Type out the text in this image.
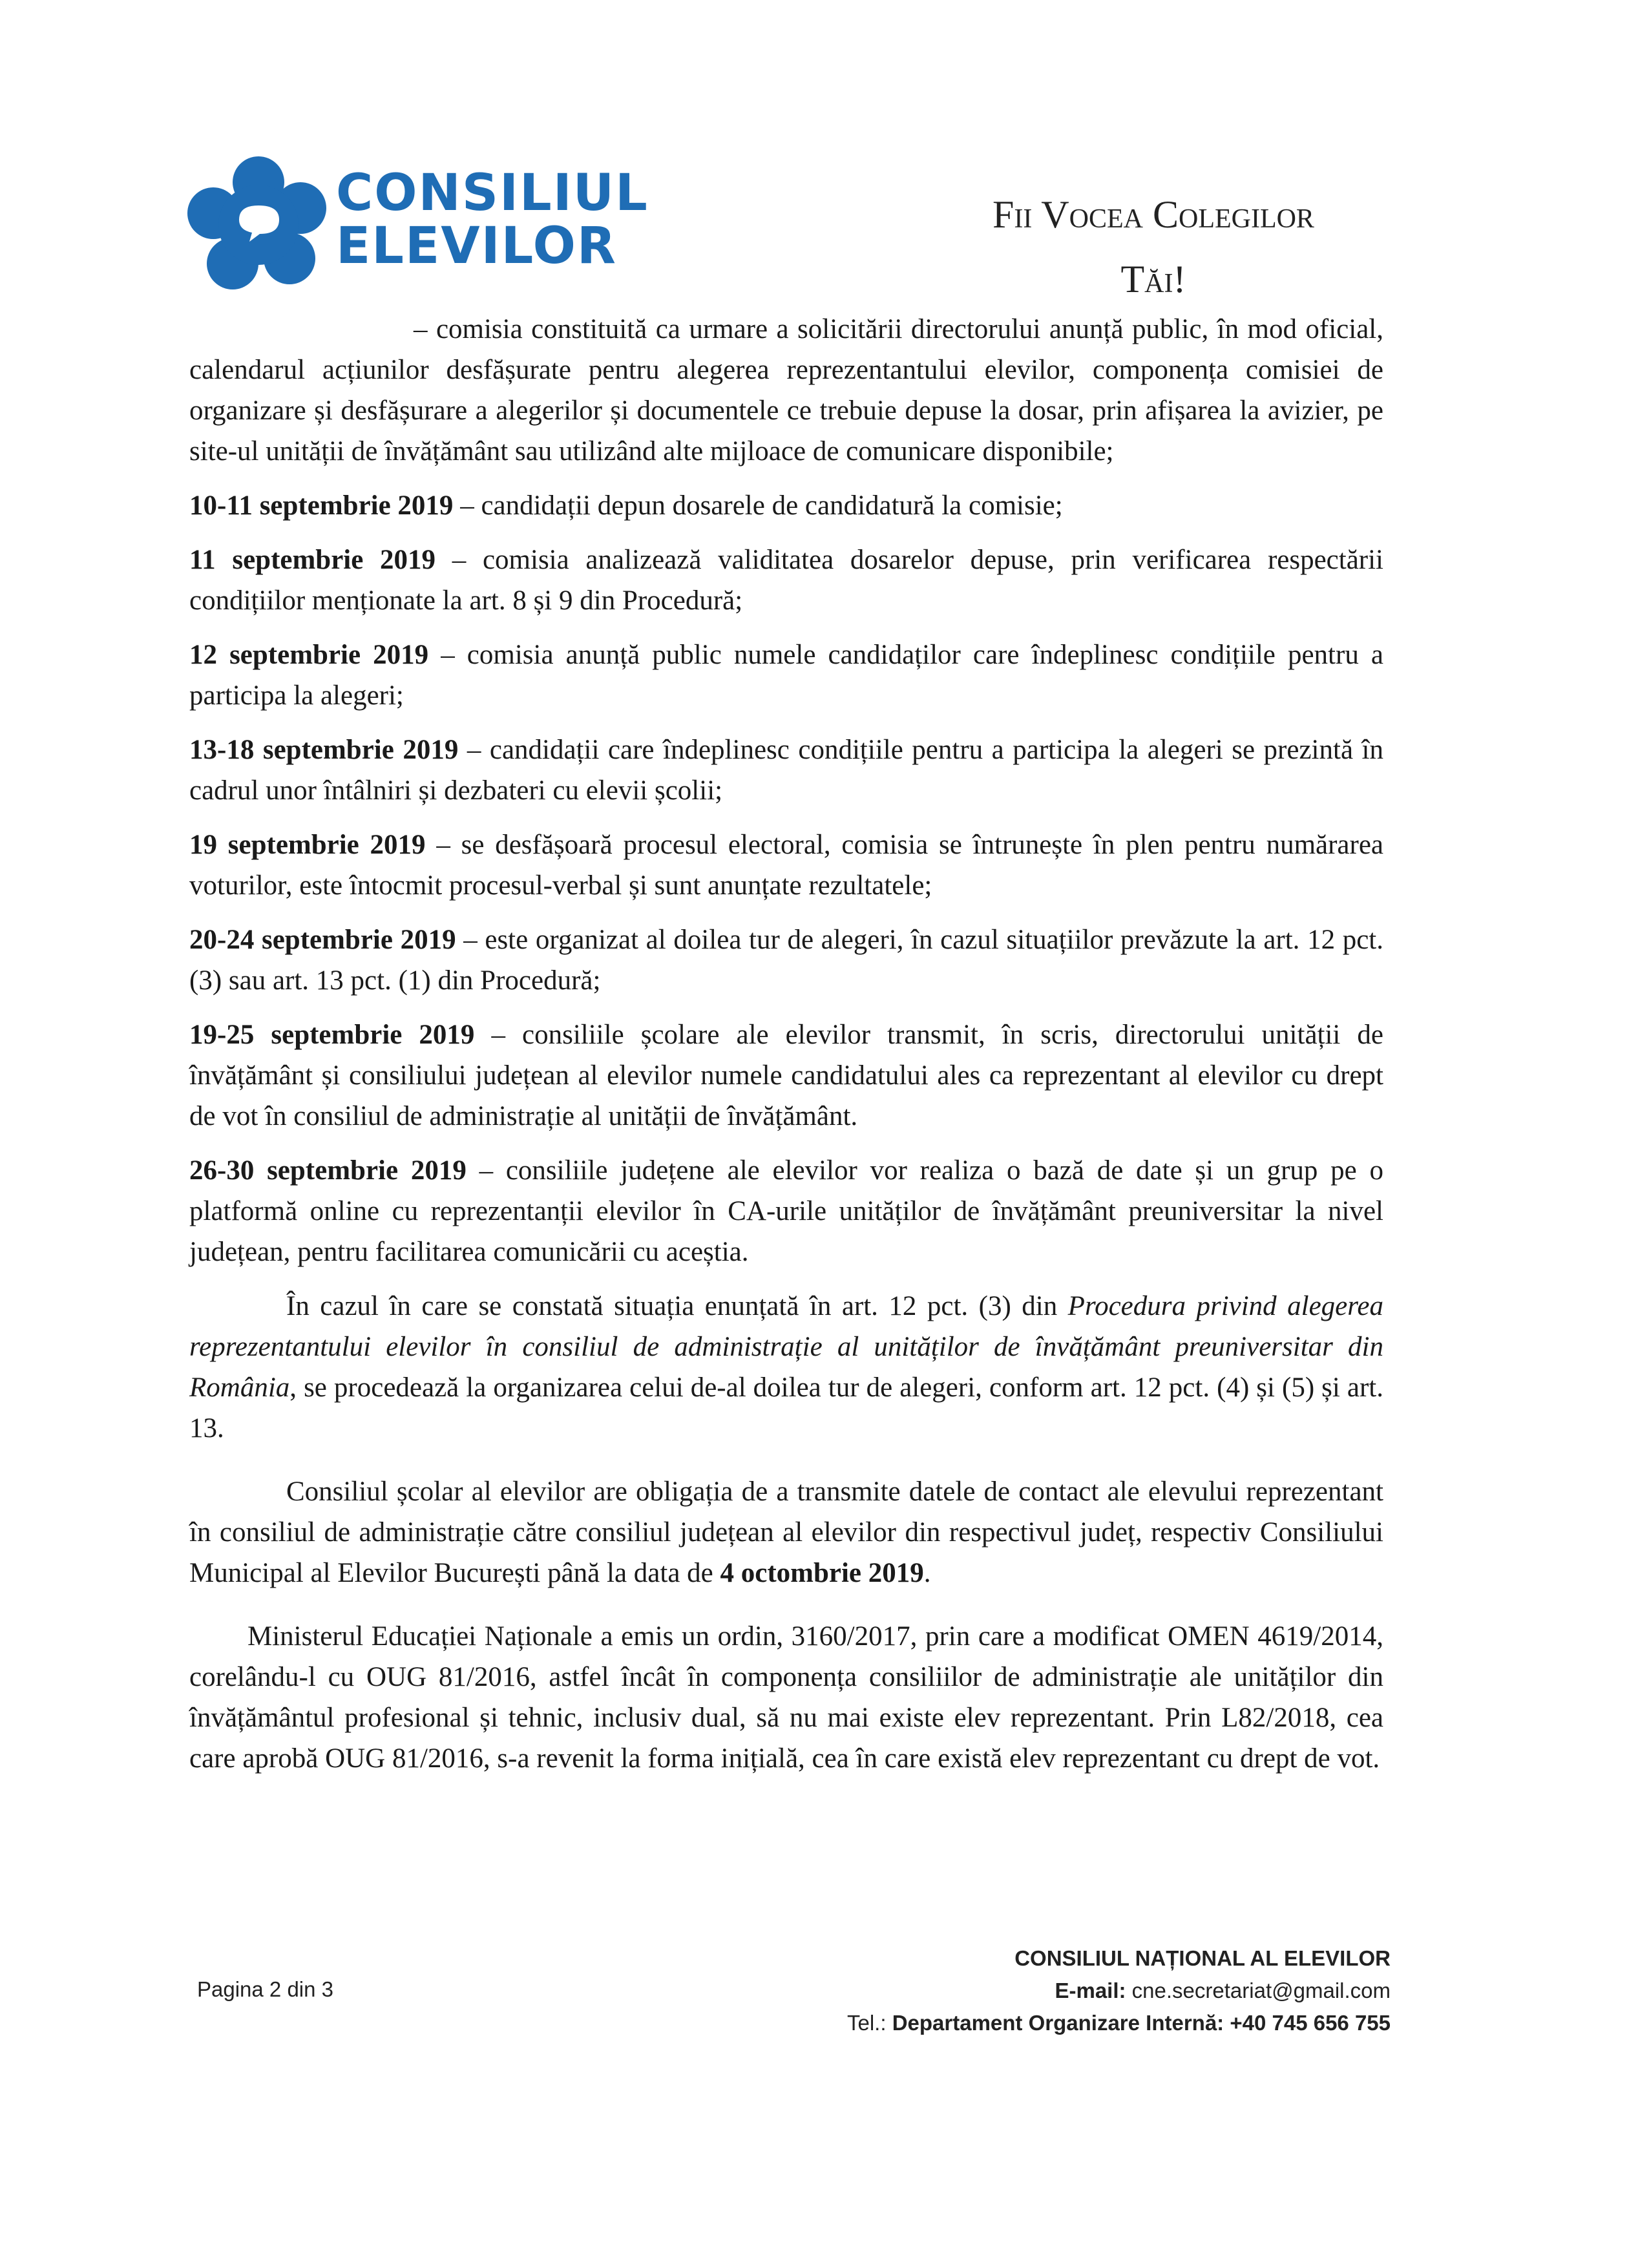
CONSILIUL
ELEVILOR
Fii Vocea Colegilor
Tăi!

– comisia constituită ca urmare a solicitării directorului anunță public, în mod oficial, calendarul acțiunilor desfășurate pentru alegerea reprezentantului elevilor, componența comisiei de organizare și desfășurare a alegerilor și documentele ce trebuie depuse la dosar, prin afișarea la avizier, pe site-ul unității de învățământ sau utilizând alte mijloace de comunicare disponibile;

10-11 septembrie 2019 – candidații depun dosarele de candidatură la comisie;

11 septembrie 2019 – comisia analizează validitatea dosarelor depuse, prin verificarea respectării condițiilor menționate la art. 8 și 9 din Procedură;

12 septembrie 2019 – comisia anunță public numele candidaților care îndeplinesc condițiile pentru a participa la alegeri;

13-18 septembrie 2019 – candidații care îndeplinesc condițiile pentru a participa la alegeri se prezintă în cadrul unor întâlniri și dezbateri cu elevii școlii;

19 septembrie 2019 – se desfășoară procesul electoral, comisia se întrunește în plen pentru numărarea voturilor, este întocmit procesul-verbal și sunt anunțate rezultatele;

20-24 septembrie 2019 – este organizat al doilea tur de alegeri, în cazul situațiilor prevăzute la art. 12 pct. (3) sau art. 13 pct. (1) din Procedură;

19-25 septembrie 2019 – consiliile școlare ale elevilor transmit, în scris, directorului unității de învățământ și consiliului județean al elevilor numele candidatului ales ca reprezentant al elevilor cu drept de vot în consiliul de administrație al unității de învățământ.

26-30 septembrie 2019 – consiliile județene ale elevilor vor realiza o bază de date și un grup pe o platformă online cu reprezentanții elevilor în CA-urile unităților de învățământ preuniversitar la nivel județean, pentru facilitarea comunicării cu aceștia.

În cazul în care se constată situația enunțată în art. 12 pct. (3) din Procedura privind alegerea reprezentantului elevilor în consiliul de administrație al unităților de învățământ preuniversitar din România, se procedează la organizarea celui de-al doilea tur de alegeri, conform art. 12 pct. (4) și (5) și art. 13.

Consiliul școlar al elevilor are obligația de a transmite datele de contact ale elevului reprezentant în consiliul de administrație către consiliul județean al elevilor din respectivul județ, respectiv Consiliului Municipal al Elevilor București până la data de 4 octombrie 2019.

Ministerul Educației Naționale a emis un ordin, 3160/2017, prin care a modificat OMEN 4619/2014, corelându-l cu OUG 81/2016, astfel încât în componența consiliilor de administrație ale unităților din învățământul profesional și tehnic, inclusiv dual, să nu mai existe elev reprezentant. Prin L82/2018, cea care aprobă OUG 81/2016, s-a revenit la forma inițială, cea în care există elev reprezentant cu drept de vot.

Pagina 2 din 3
CONSILIUL NAȚIONAL AL ELEVILOR
E-mail: cne.secretariat@gmail.com
Tel.: Departament Organizare Internă: +40 745 656 755
